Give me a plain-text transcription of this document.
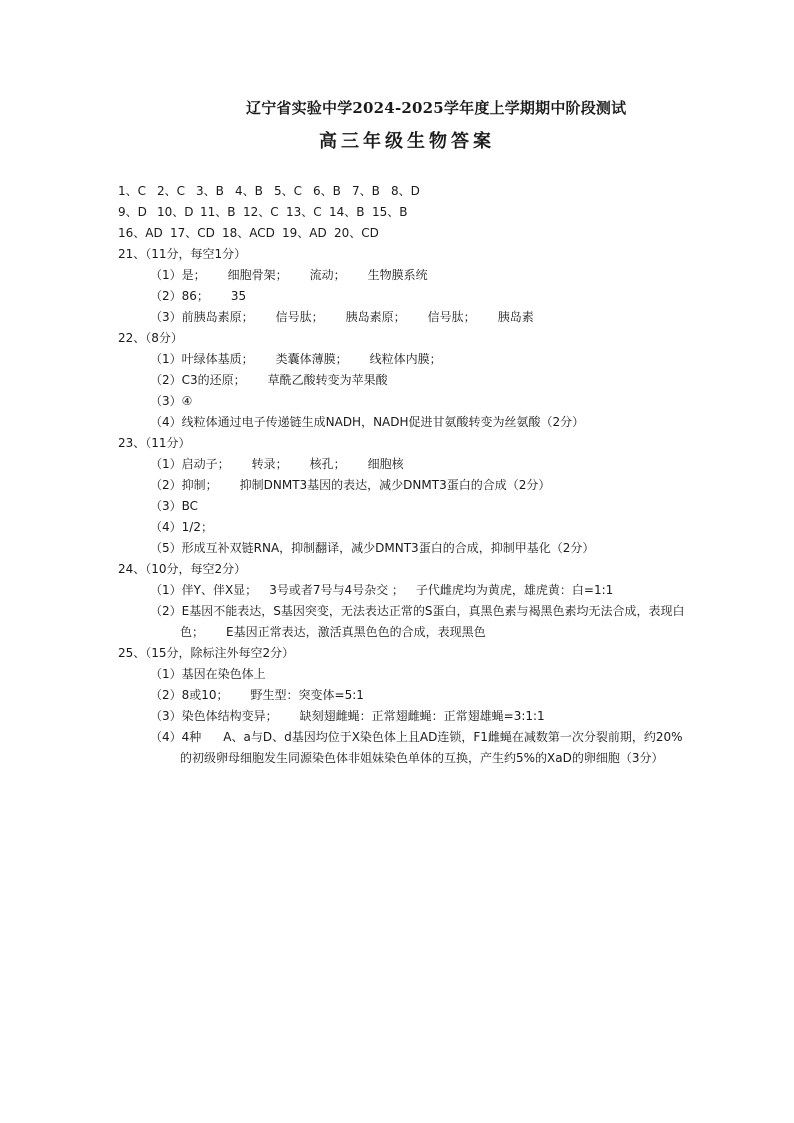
辽宁省实验中学2024-2025学年度上学期期中阶段测试
高三年级生物答案
1、C 2、C 3、B 4、B 5、C 6、B 7、B 8、D
9、D 10、D 11、B 12、C 13、C 14、B 15、B
16、AD 17、CD 18、ACD 19、AD 20、CD
21、（11分，每空1分）
（1）是； 细胞骨架； 流动； 生物膜系统
（2）86； 35
（3）前胰岛素原； 信号肽； 胰岛素原； 信号肽； 胰岛素
22、（8分）
（1）叶绿体基质； 类囊体薄膜； 线粒体内膜；
（2）C3的还原； 草酰乙酸转变为苹果酸
（3）④
（4）线粒体通过电子传递链生成NADH，NADH促进甘氨酸转变为丝氨酸（2分）
23、（11分）
（1）启动子； 转录； 核孔； 细胞核
（2）抑制； 抑制DNMT3基因的表达，减少DNMT3蛋白的合成（2分）
（3）BC
（4）1/2；
（5）形成互补双链RNA，抑制翻译，减少DMNT3蛋白的合成，抑制甲基化（2分）
24、（10分，每空2分）
（1）伴Y、伴X显； 3号或者7号与4号杂交 ； 子代雌虎均为黄虎，雄虎黄：白=1:1
（2）E基因不能表达，S基因突变，无法表达正常的S蛋白，真黑色素与褐黑色素均无法合成，表现白色； E基因正常表达，激活真黑色色的合成，表现黑色
25、（15分，除标注外每空2分）
（1）基因在染色体上
（2）8或10； 野生型：突变体=5:1
（3）染色体结构变异； 缺刻翅雌蝇：正常翅雌蝇：正常翅雄蝇=3:1:1
（4）4种 A、a与D、d基因均位于X染色体上且AD连锁，F1雌蝇在减数第一次分裂前期，约20%的初级卵母细胞发生同源染色体非姐妹染色单体的互换，产生约5%的XaD的卵细胞（3分）
